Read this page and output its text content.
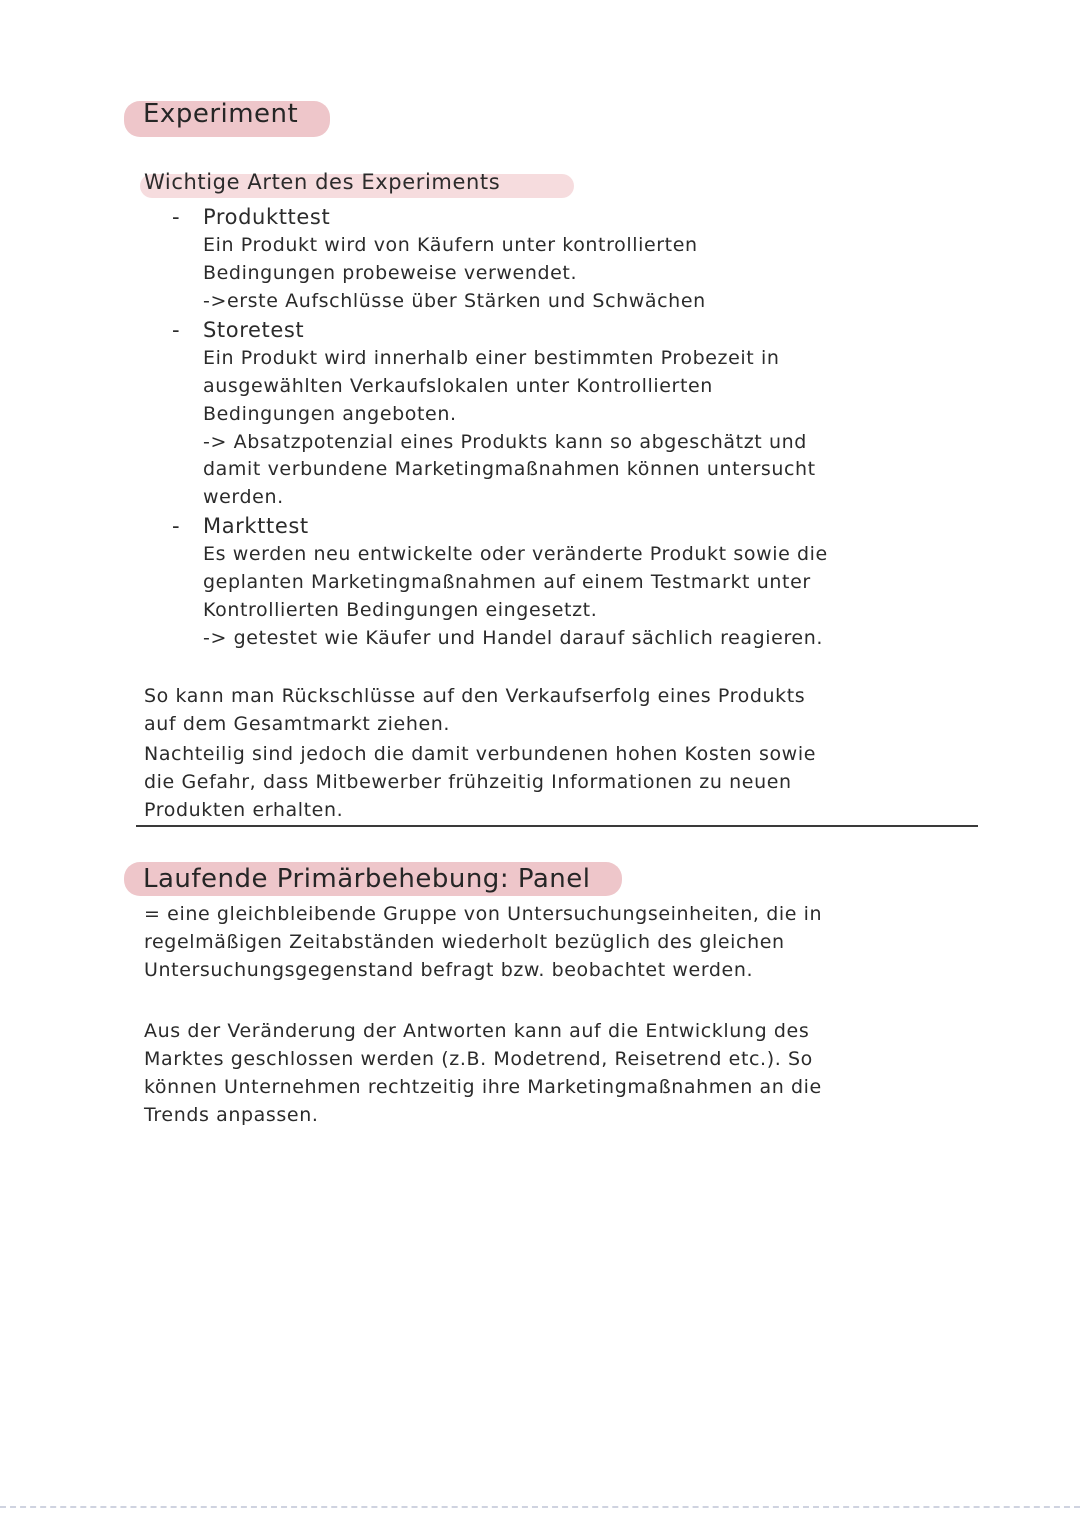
Experiment
Wichtige Arten des Experiments
- Produkttest
Ein Produkt wird von Käufern unter kontrollierten
Bedingungen probeweise verwendet.
->erste Aufschlüsse über Stärken und Schwächen
- Storetest
Ein Produkt wird innerhalb einer bestimmten Probezeit in
ausgewählten Verkaufslokalen unter Kontrollierten
Bedingungen angeboten.
-> Absatzpotenzial eines Produkts kann so abgeschätzt und
damit verbundene Marketingmaßnahmen können untersucht
werden.
- Markttest
Es werden neu entwickelte oder veränderte Produkt sowie die
geplanten Marketingmaßnahmen auf einem Testmarkt unter
Kontrollierten Bedingungen eingesetzt.
-> getestet wie Käufer und Handel darauf sächlich reagieren.
So kann man Rückschlüsse auf den Verkaufserfolg eines Produkts
auf dem Gesamtmarkt ziehen.
Nachteilig sind jedoch die damit verbundenen hohen Kosten sowie
die Gefahr, dass Mitbewerber frühzeitig Informationen zu neuen
Produkten erhalten.
Laufende Primärbehebung: Panel
= eine gleichbleibende Gruppe von Untersuchungseinheiten, die in
regelmäßigen Zeitabständen wiederholt bezüglich des gleichen
Untersuchungsgegenstand befragt bzw. beobachtet werden.
Aus der Veränderung der Antworten kann auf die Entwicklung des
Marktes geschlossen werden (z.B. Modetrend, Reisetrend etc.). So
können Unternehmen rechtzeitig ihre Marketingmaßnahmen an die
Trends anpassen.
